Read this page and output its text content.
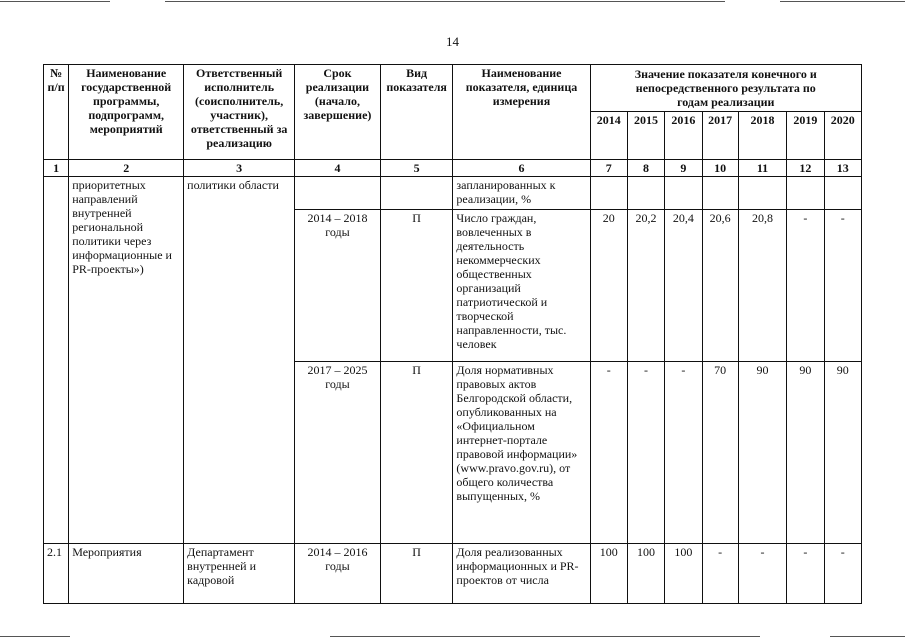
14
№
п/п	Наименование государственной программы, подпрограмм, мероприятий	Ответственный исполнитель (соисполнитель, участник), ответственный за реализацию	Срок реализации (начало, завершение)	Вид показателя	Наименование показателя, единица измерения	Значение показателя конечного и непосредственного результата по годам реализации						
						2014	2015	2016	2017	2018	2019	2020
1	2	3	4	5	6	7	8	9	10	11	12	13
	приоритетных направлений внутренней региональной политики через информационные и PR-проекты»)	политики области			запланированных к реализации, %							
			2014 – 2018 годы	П	Число граждан, вовлеченных в деятельность некоммерческих общественных организаций патриотической и творческой направленности, тыс. человек	20	20,2	20,4	20,6	20,8	-	-
			2017 – 2025 годы	П	Доля нормативных правовых актов Белгородской области, опубликованных на «Официальном интернет-портале правовой информации» (www.pravo.gov.ru), от общего количества выпущенных, %	-	-	-	70	90	90	90
2.1	Мероприятия	Департамент внутренней и кадровой	2014 – 2016 годы	П	Доля реализованных информационных и PR-проектов от числа	100	100	100	-	-	-	-
